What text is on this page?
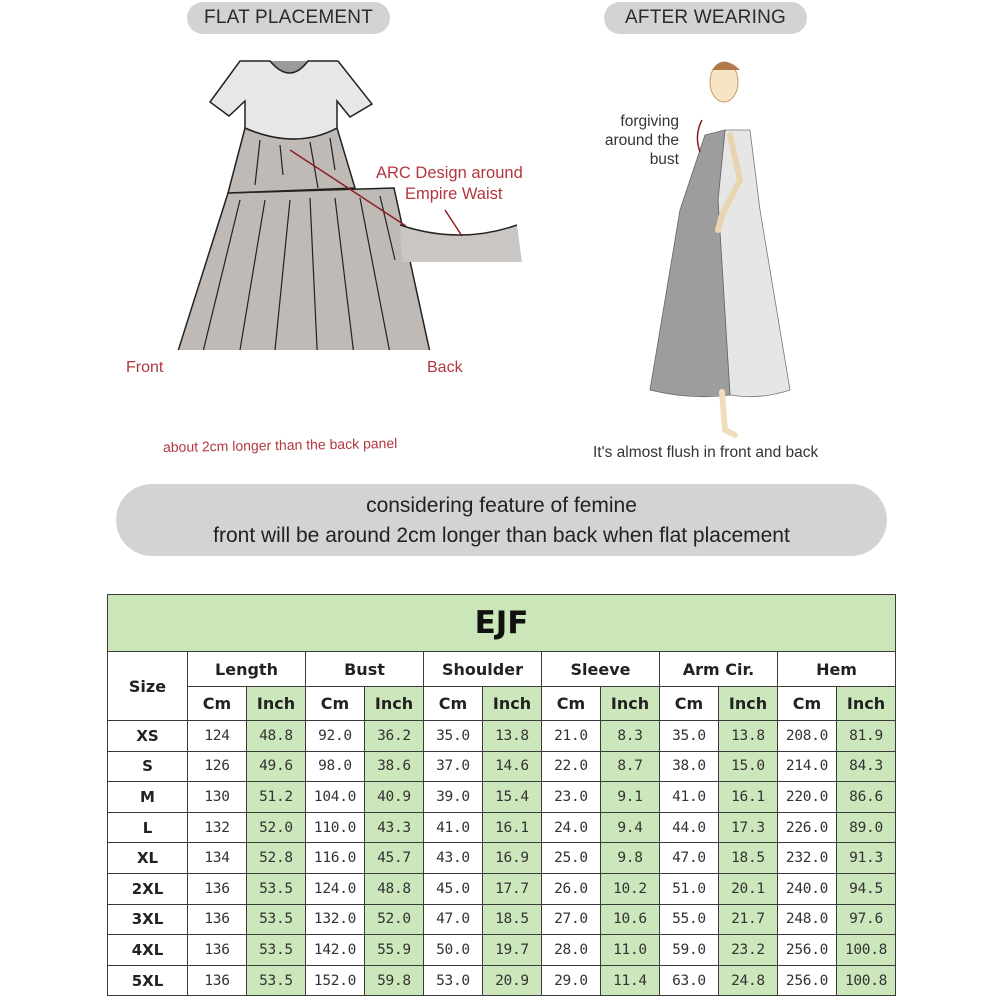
FLAT PLACEMENT
ARC Design around
Empire Waist
Front	Back
about 2cm longer than the back panel
AFTER WEARING
forgiving
around the
bust
It's almost flush in front and back
considering feature of femine
front will be around 2cm longer than back when flat placement
EJF												
Size	Length		Bust		Shoulder		Sleeve		Arm Cir.		Hem	
	Cm	Inch	Cm	Inch	Cm	Inch	Cm	Inch	Cm	Inch	Cm	Inch
XS	124	48.8	92.0	36.2	35.0	13.8	21.0	8.3	35.0	13.8	208.0	81.9
S	126	49.6	98.0	38.6	37.0	14.6	22.0	8.7	38.0	15.0	214.0	84.3
M	130	51.2	104.0	40.9	39.0	15.4	23.0	9.1	41.0	16.1	220.0	86.6
L	132	52.0	110.0	43.3	41.0	16.1	24.0	9.4	44.0	17.3	226.0	89.0
XL	134	52.8	116.0	45.7	43.0	16.9	25.0	9.8	47.0	18.5	232.0	91.3
2XL	136	53.5	124.0	48.8	45.0	17.7	26.0	10.2	51.0	20.1	240.0	94.5
3XL	136	53.5	132.0	52.0	47.0	18.5	27.0	10.6	55.0	21.7	248.0	97.6
4XL	136	53.5	142.0	55.9	50.0	19.7	28.0	11.0	59.0	23.2	256.0	100.8
5XL	136	53.5	152.0	59.8	53.0	20.9	29.0	11.4	63.0	24.8	256.0	100.8
